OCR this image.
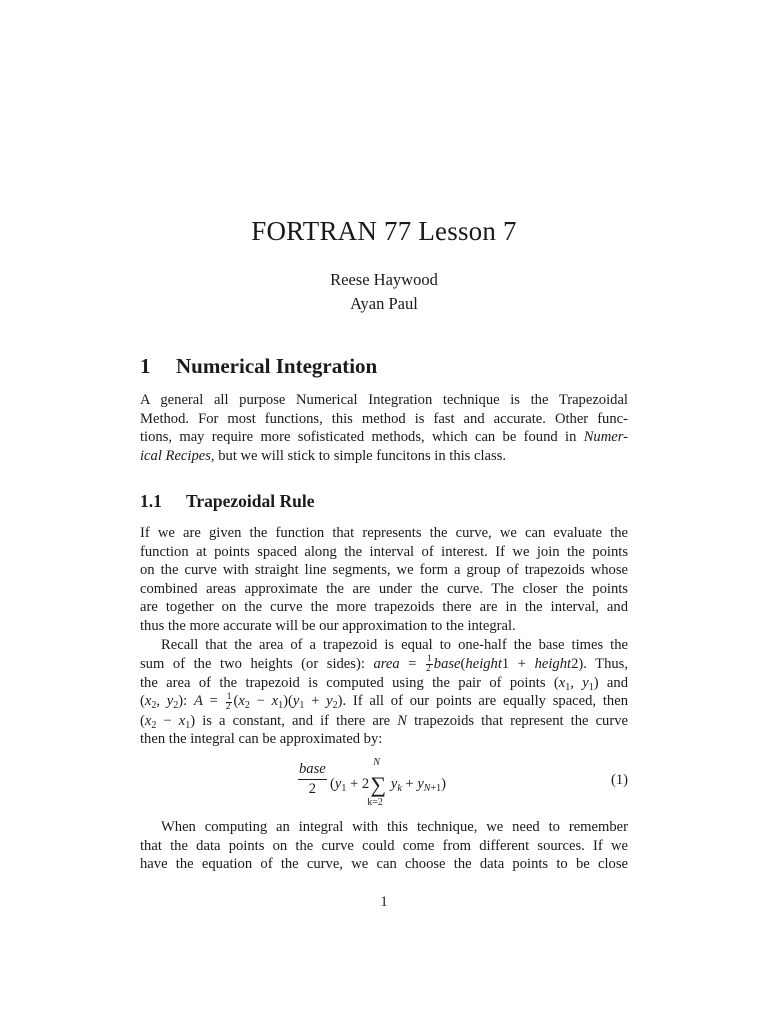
FORTRAN 77 Lesson 7
Reese Haywood
Ayan Paul
1 Numerical Integration
A general all purpose Numerical Integration technique is the Trapezoidal
Method. For most functions, this method is fast and accurate. Other func-
tions, may require more sofisticated methods, which can be found in Numer-
ical Recipes, but we will stick to simple funcitons in this class.
1.1 Trapezoidal Rule
If we are given the function that represents the curve, we can evaluate the
function at points spaced along the interval of interest. If we join the points
on the curve with straight line segments, we form a group of trapezoids whose
combined areas approximate the are under the curve. The closer the points
are together on the curve the more trapezoids there are in the interval, and
thus the more accurate will be our approximation to the integral.
Recall that the area of a trapezoid is equal to one-half the base times the
sum of the two heights (or sides): area = $\frac{1}{2}$ base(height1 + height2). Thus,
the area of the trapezoid is computed using the pair of points ($x_1$, $y_1$) and
($x_2$, $y_2$): $A = \frac{1}{2} (x_2 - x_1)(y_1 + y_2)$. If all of our points are equally spaced, then
$(x_2 - x_1)$ is a constant, and if there are N trapezoids that represent the curve
then the integral can be approximated by:
base
2 ($y_1 + 2\sum$
N
k=2
$y_k + y_{N+1}$)	(1)
When computing an integral with this technique, we need to remember
that the data points on the curve could come from different sources. If we
have the equation of the curve, we can choose the data points to be close
1
